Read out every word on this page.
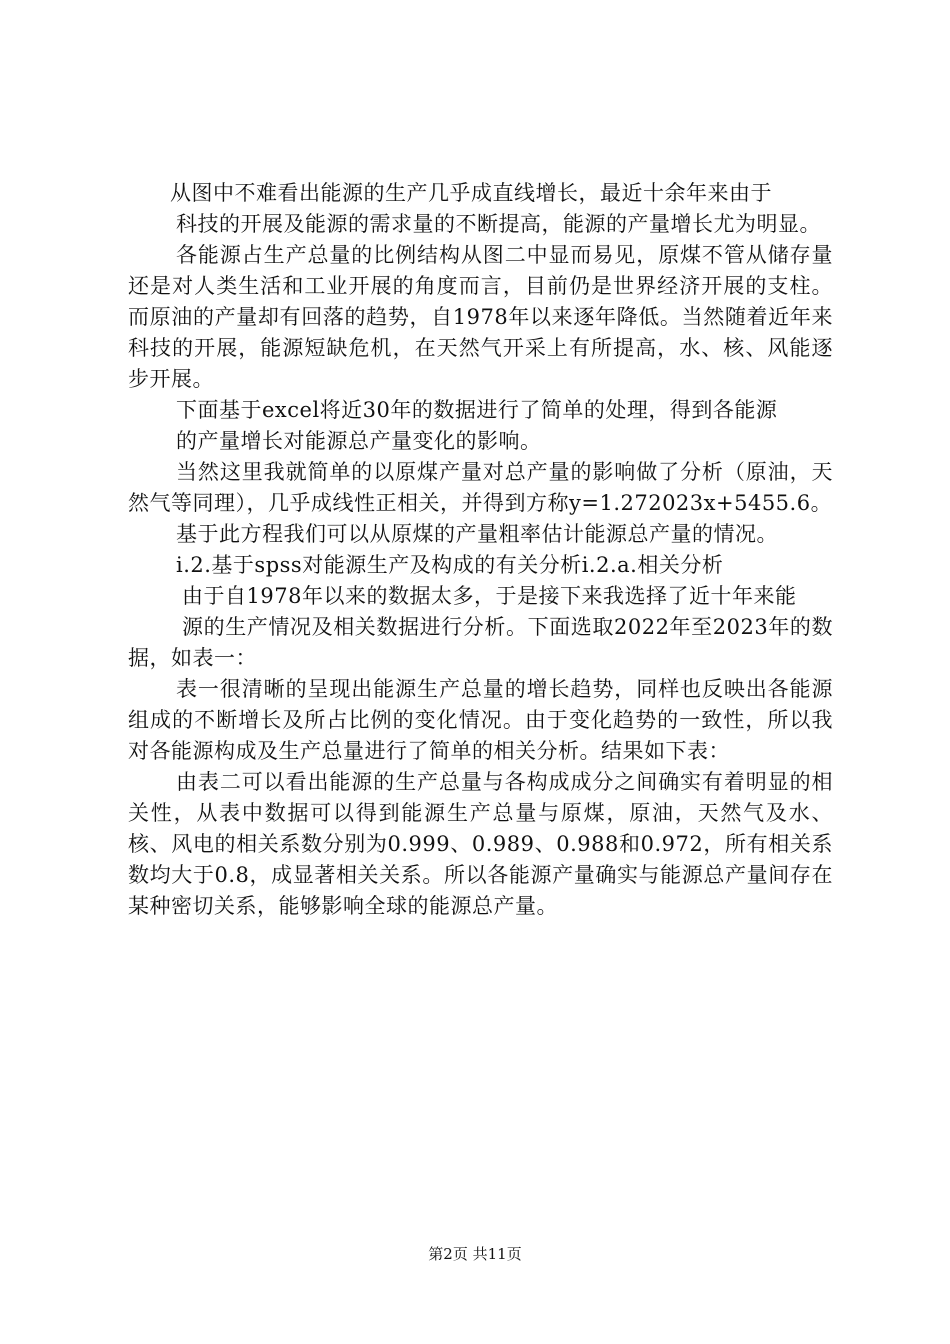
从图中不难看出能源的生产几乎成直线增长，最近十余年来由于

科技的开展及能源的需求量的不断提高，能源的产量增长尤为明显。

各能源占生产总量的比例结构从图二中显而易见，原煤不管从储存量还是对人类生活和工业开展的角度而言，目前仍是世界经济开展的支柱。而原油的产量却有回落的趋势，自1978年以来逐年降低。当然随着近年来科技的开展，能源短缺危机，在天然气开采上有所提高，水、核、风能逐步开展。

下面基于excel将近30年的数据进行了简单的处理，得到各能源

的产量增长对能源总产量变化的影响。

当然这里我就简单的以原煤产量对总产量的影响做了分析（原油，天然气等同理），几乎成线性正相关，并得到方称y=1.272023x+5455.6。

基于此方程我们可以从原煤的产量粗率估计能源总产量的情况。

i.2.基于spss对能源生产及构成的有关分析i.2.a.相关分析

由于自1978年以来的数据太多，于是接下来我选择了近十年来能

源的生产情况及相关数据进行分析。下面选取2022年至2023年的数据，如表一：

表一很清晰的呈现出能源生产总量的增长趋势，同样也反映出各能源组成的不断增长及所占比例的变化情况。由于变化趋势的一致性，所以我对各能源构成及生产总量进行了简单的相关分析。结果如下表：

由表二可以看出能源的生产总量与各构成成分之间确实有着明显的相关性，从表中数据可以得到能源生产总量与原煤，原油，天然气及水、核、风电的相关系数分别为0.999、0.989、0.988和0.972，所有相关系数均大于0.8，成显著相关关系。所以各能源产量确实与能源总产量间存在某种密切关系，能够影响全球的能源总产量。

第2页 共11页
